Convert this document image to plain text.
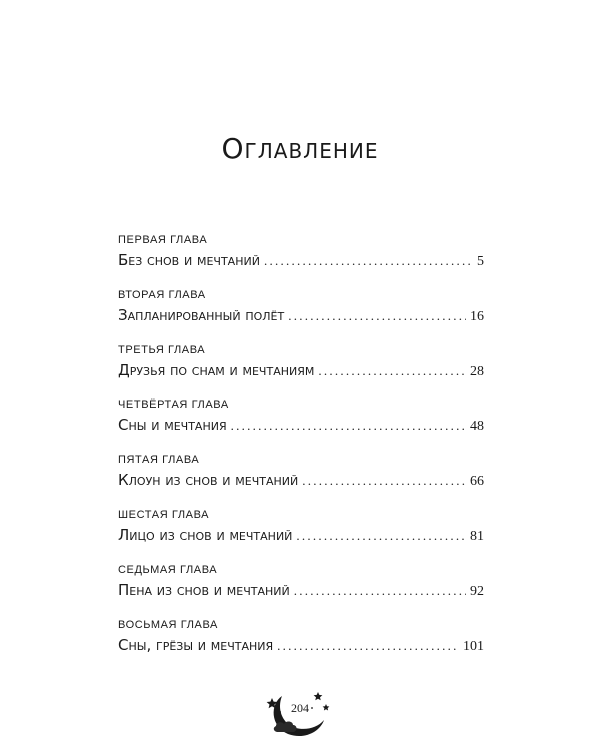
Оглавление
ПЕРВАЯ ГЛАВА
Без снов и мечтаний . . .	5
ВТОРАЯ ГЛАВА
Запланированный полёт . . .	16
ТРЕТЬЯ ГЛАВА
Друзья по снам и мечтаниям . . .	28
ЧЕТВЁРТАЯ ГЛАВА
Сны и мечтания . . .	48
ПЯТАЯ ГЛАВА
Клоун из снов и мечтаний . . .	66
ШЕСТАЯ ГЛАВА
Лицо из снов и мечтаний . . .	81
СЕДЬМАЯ ГЛАВА
Пена из снов и мечтаний . . .	92
ВОСЬМАЯ ГЛАВА
Сны, грёзы и мечтания . . .	101
204
